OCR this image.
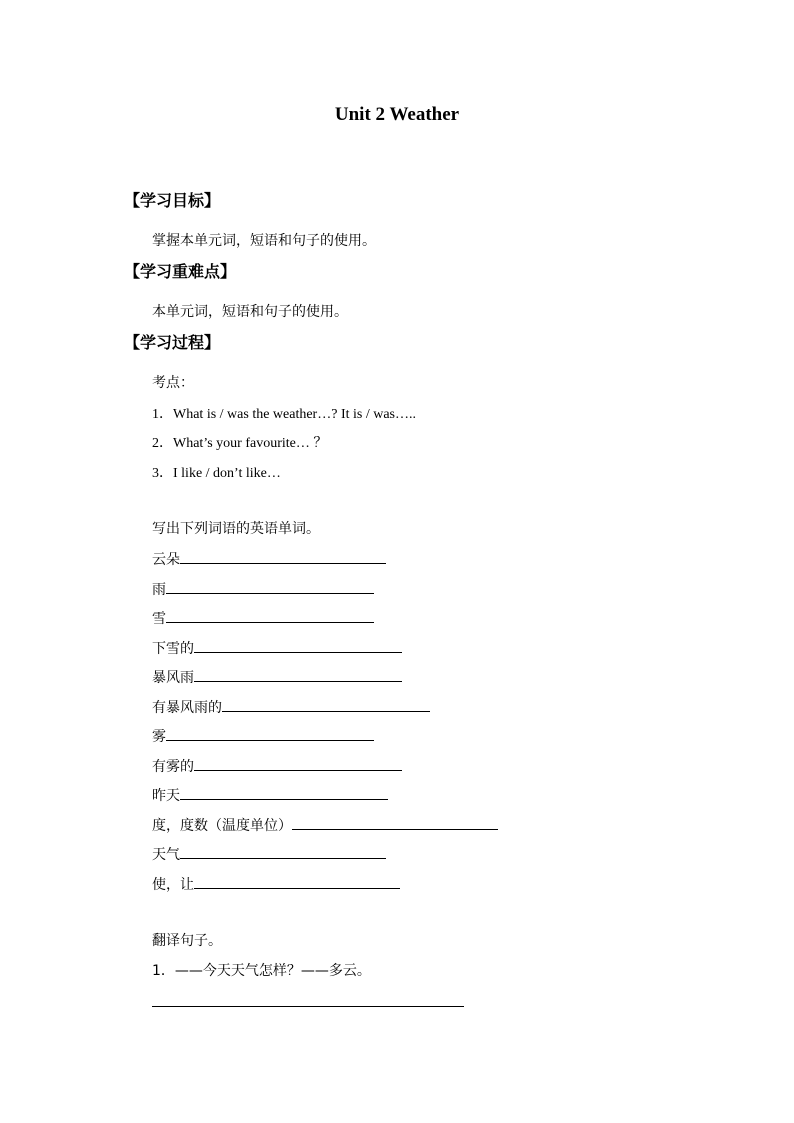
Unit 2 Weather
【学习目标】
掌握本单元词，短语和句子的使用。
【学习重难点】
本单元词，短语和句子的使用。
【学习过程】
考点：
1．What is / was the weather…? It is / was…..
2．What’s your favourite… ？
3．I like / don’t like…
写出下列词语的英语单词。
云朵
雨
雪
下雪的
暴风雨
有暴风雨的
雾
有雾的
昨天
度，度数（温度单位）
天气
使，让
翻译句子。
1．——今天天气怎样？——多云。
